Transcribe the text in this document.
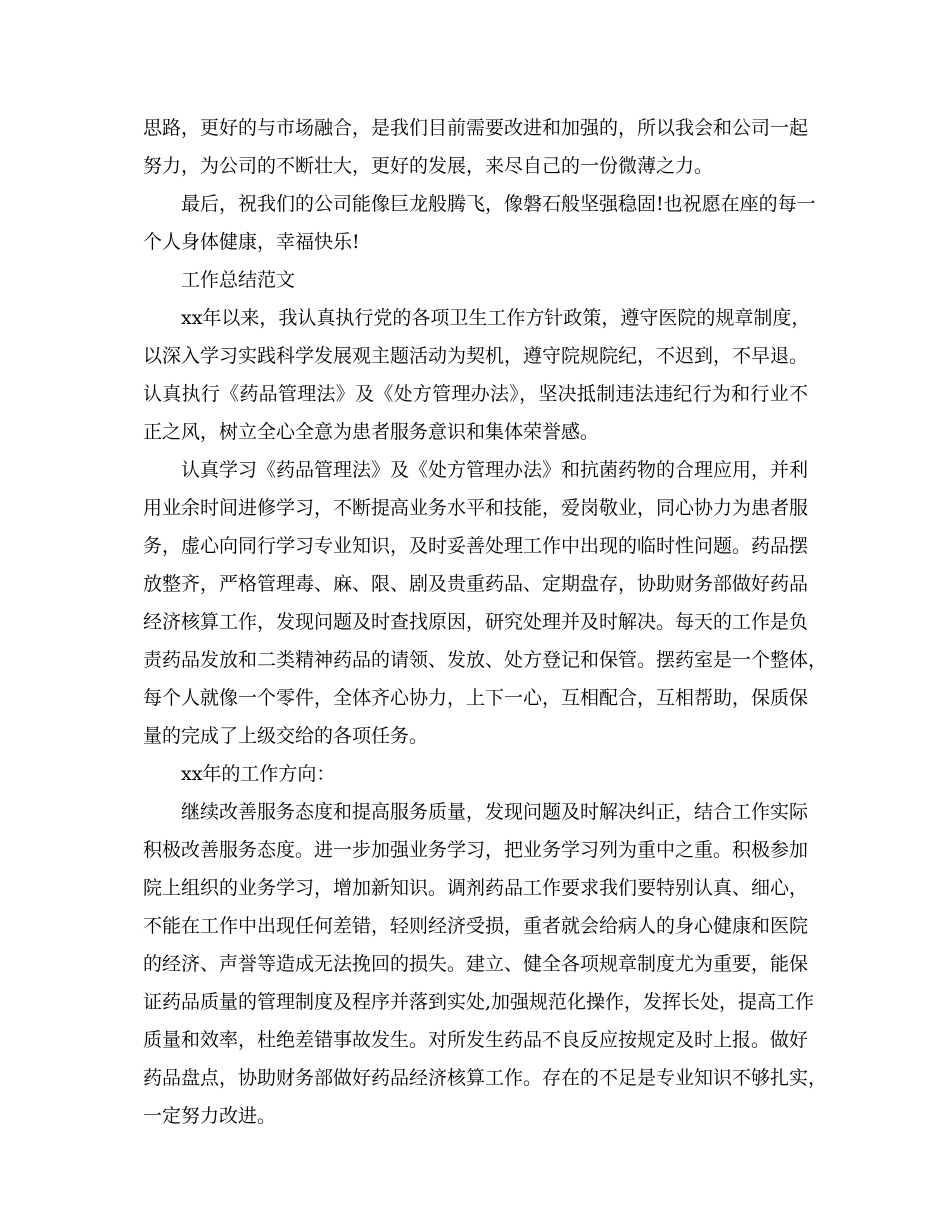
思路，更好的与市场融合，是我们目前需要改进和加强的，所以我会和公司一起
努力，为公司的不断壮大，更好的发展，来尽自己的一份微薄之力。
最后，祝我们的公司能像巨龙般腾飞，像磐石般坚强稳固!也祝愿在座的每一
个人身体健康，幸福快乐!
工作总结范文
xx年以来，我认真执行党的各项卫生工作方针政策，遵守医院的规章制度，
以深入学习实践科学发展观主题活动为契机，遵守院规院纪，不迟到，不早退。
认真执行《药品管理法》及《处方管理办法》，坚决抵制违法违纪行为和行业不
正之风，树立全心全意为患者服务意识和集体荣誉感。
认真学习《药品管理法》及《处方管理办法》和抗菌药物的合理应用，并利
用业余时间进修学习，不断提高业务水平和技能，爱岗敬业，同心协力为患者服
务，虚心向同行学习专业知识，及时妥善处理工作中出现的临时性问题。药品摆
放整齐，严格管理毒、麻、限、剧及贵重药品、定期盘存，协助财务部做好药品
经济核算工作，发现问题及时查找原因，研究处理并及时解决。每天的工作是负
责药品发放和二类精神药品的请领、发放、处方登记和保管。摆药室是一个整体，
每个人就像一个零件，全体齐心协力，上下一心，互相配合，互相帮助，保质保
量的完成了上级交给的各项任务。
xx年的工作方向：
继续改善服务态度和提高服务质量，发现问题及时解决纠正，结合工作实际
积极改善服务态度。进一步加强业务学习，把业务学习列为重中之重。积极参加
院上组织的业务学习，增加新知识。调剂药品工作要求我们要特别认真、细心，
不能在工作中出现任何差错，轻则经济受损，重者就会给病人的身心健康和医院
的经济、声誉等造成无法挽回的损失。建立、健全各项规章制度尤为重要，能保
证药品质量的管理制度及程序并落到实处,加强规范化操作，发挥长处，提高工作
质量和效率，杜绝差错事故发生。对所发生药品不良反应按规定及时上报。做好
药品盘点，协助财务部做好药品经济核算工作。存在的不足是专业知识不够扎实，
一定努力改进。
